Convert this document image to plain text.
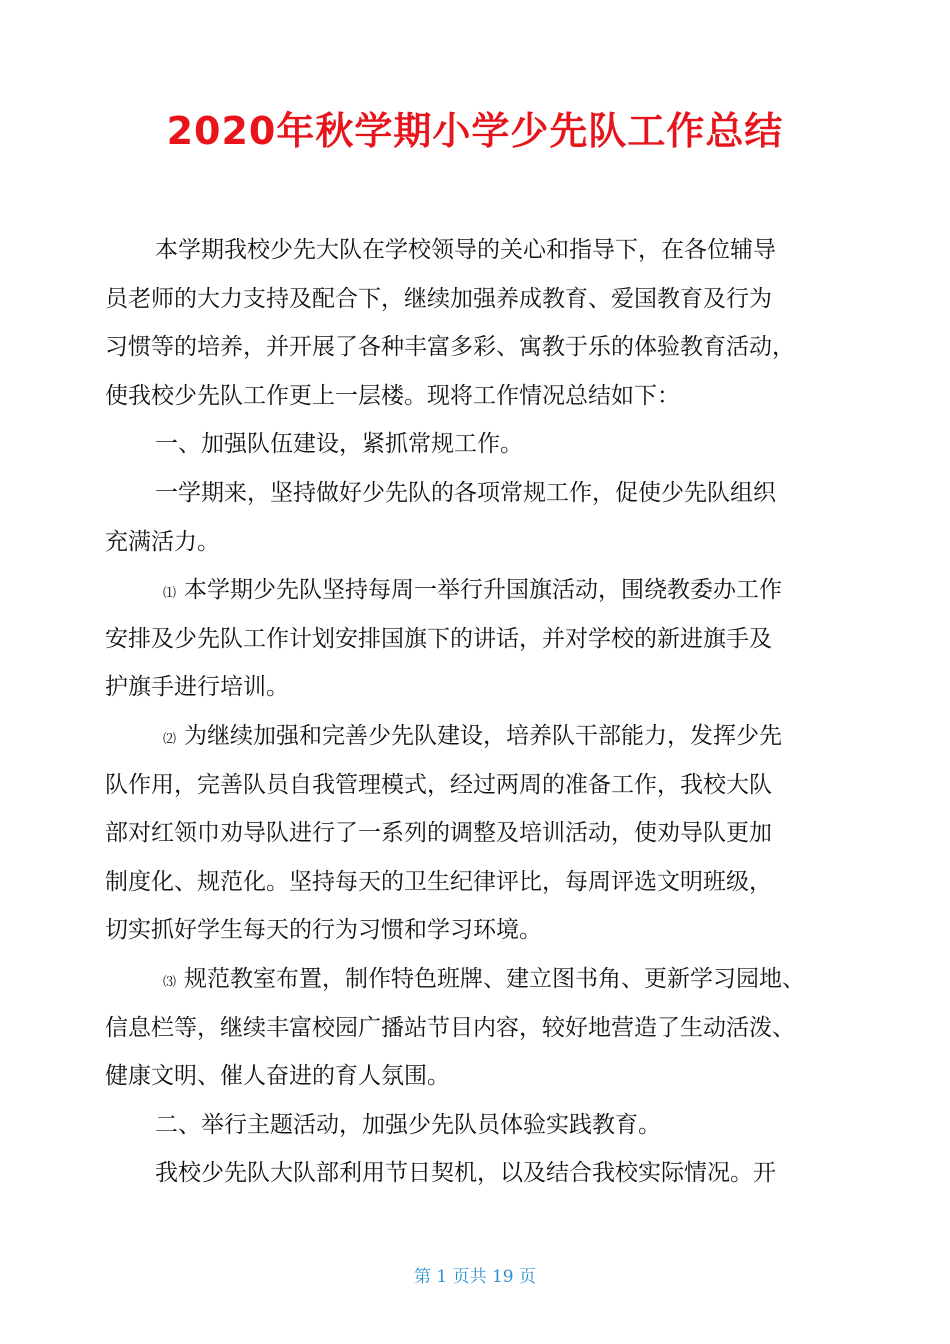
2020年秋学期小学少先队工作总结

本学期我校少先大队在学校领导的关心和指导下，在各位辅导

员老师的大力支持及配合下，继续加强养成教育、爱国教育及行为

习惯等的培养，并开展了各种丰富多彩、寓教于乐的体验教育活动，

使我校少先队工作更上一层楼。现将工作情况总结如下：

一、加强队伍建设，紧抓常规工作。

一学期来，坚持做好少先队的各项常规工作，促使少先队组织

充满活力。

⑴ 本学期少先队坚持每周一举行升国旗活动，围绕教委办工作

安排及少先队工作计划安排国旗下的讲话，并对学校的新进旗手及

护旗手进行培训。

⑵ 为继续加强和完善少先队建设，培养队干部能力，发挥少先

队作用，完善队员自我管理模式，经过两周的准备工作，我校大队

部对红领巾劝导队进行了一系列的调整及培训活动，使劝导队更加

制度化、规范化。坚持每天的卫生纪律评比，每周评选文明班级，

切实抓好学生每天的行为习惯和学习环境。

⑶ 规范教室布置，制作特色班牌、建立图书角、更新学习园地、

信息栏等，继续丰富校园广播站节目内容，较好地营造了生动活泼、

健康文明、催人奋进的育人氛围。

二、举行主题活动，加强少先队员体验实践教育。

我校少先队大队部利用节日契机，以及结合我校实际情况。开

第 1 页共 19 页
